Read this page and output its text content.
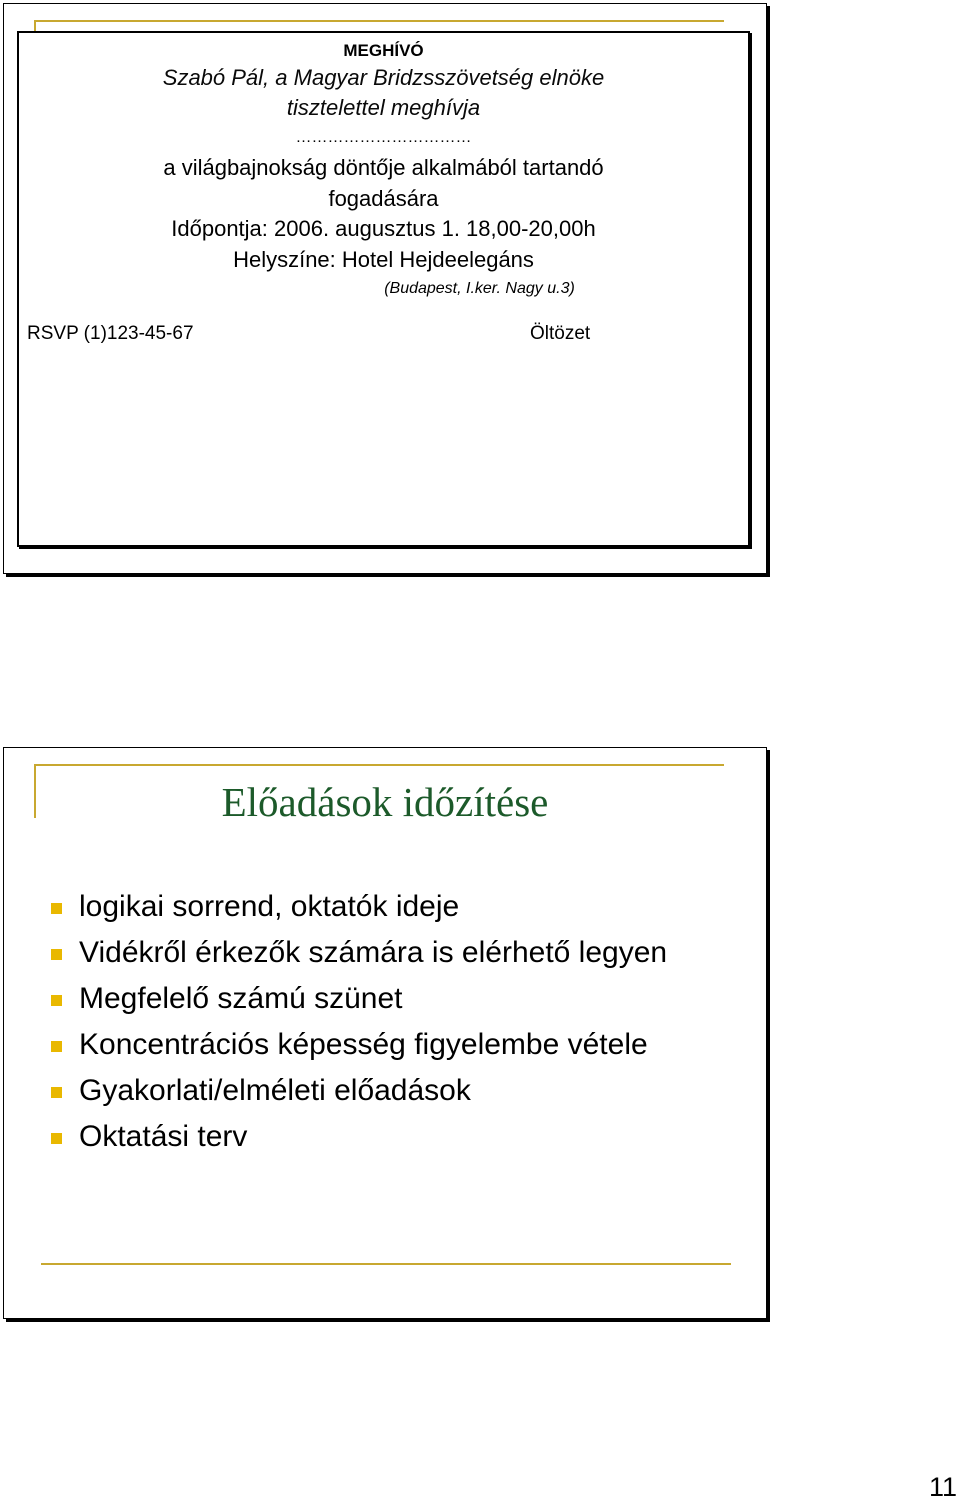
MEGHÍVÓ
Szabó Pál, a Magyar Bridzsszövetség elnöke
tisztelettel meghívja
……………………………
a világbajnokság döntője alkalmából tartandó
fogadására
Időpontja: 2006. augusztus 1. 18,00-20,00h
Helyszíne: Hotel Hejdeelegáns
(Budapest, I.ker. Nagy u.3)
RSVP (1)123-45-67	Öltözet
Előadások időzítése
logikai sorrend, oktatók ideje
Vidékről érkezők számára is elérhető legyen
Megfelelő számú szünet
Koncentrációs képesség figyelembe vétele
Gyakorlati/elméleti előadások
Oktatási terv
11
